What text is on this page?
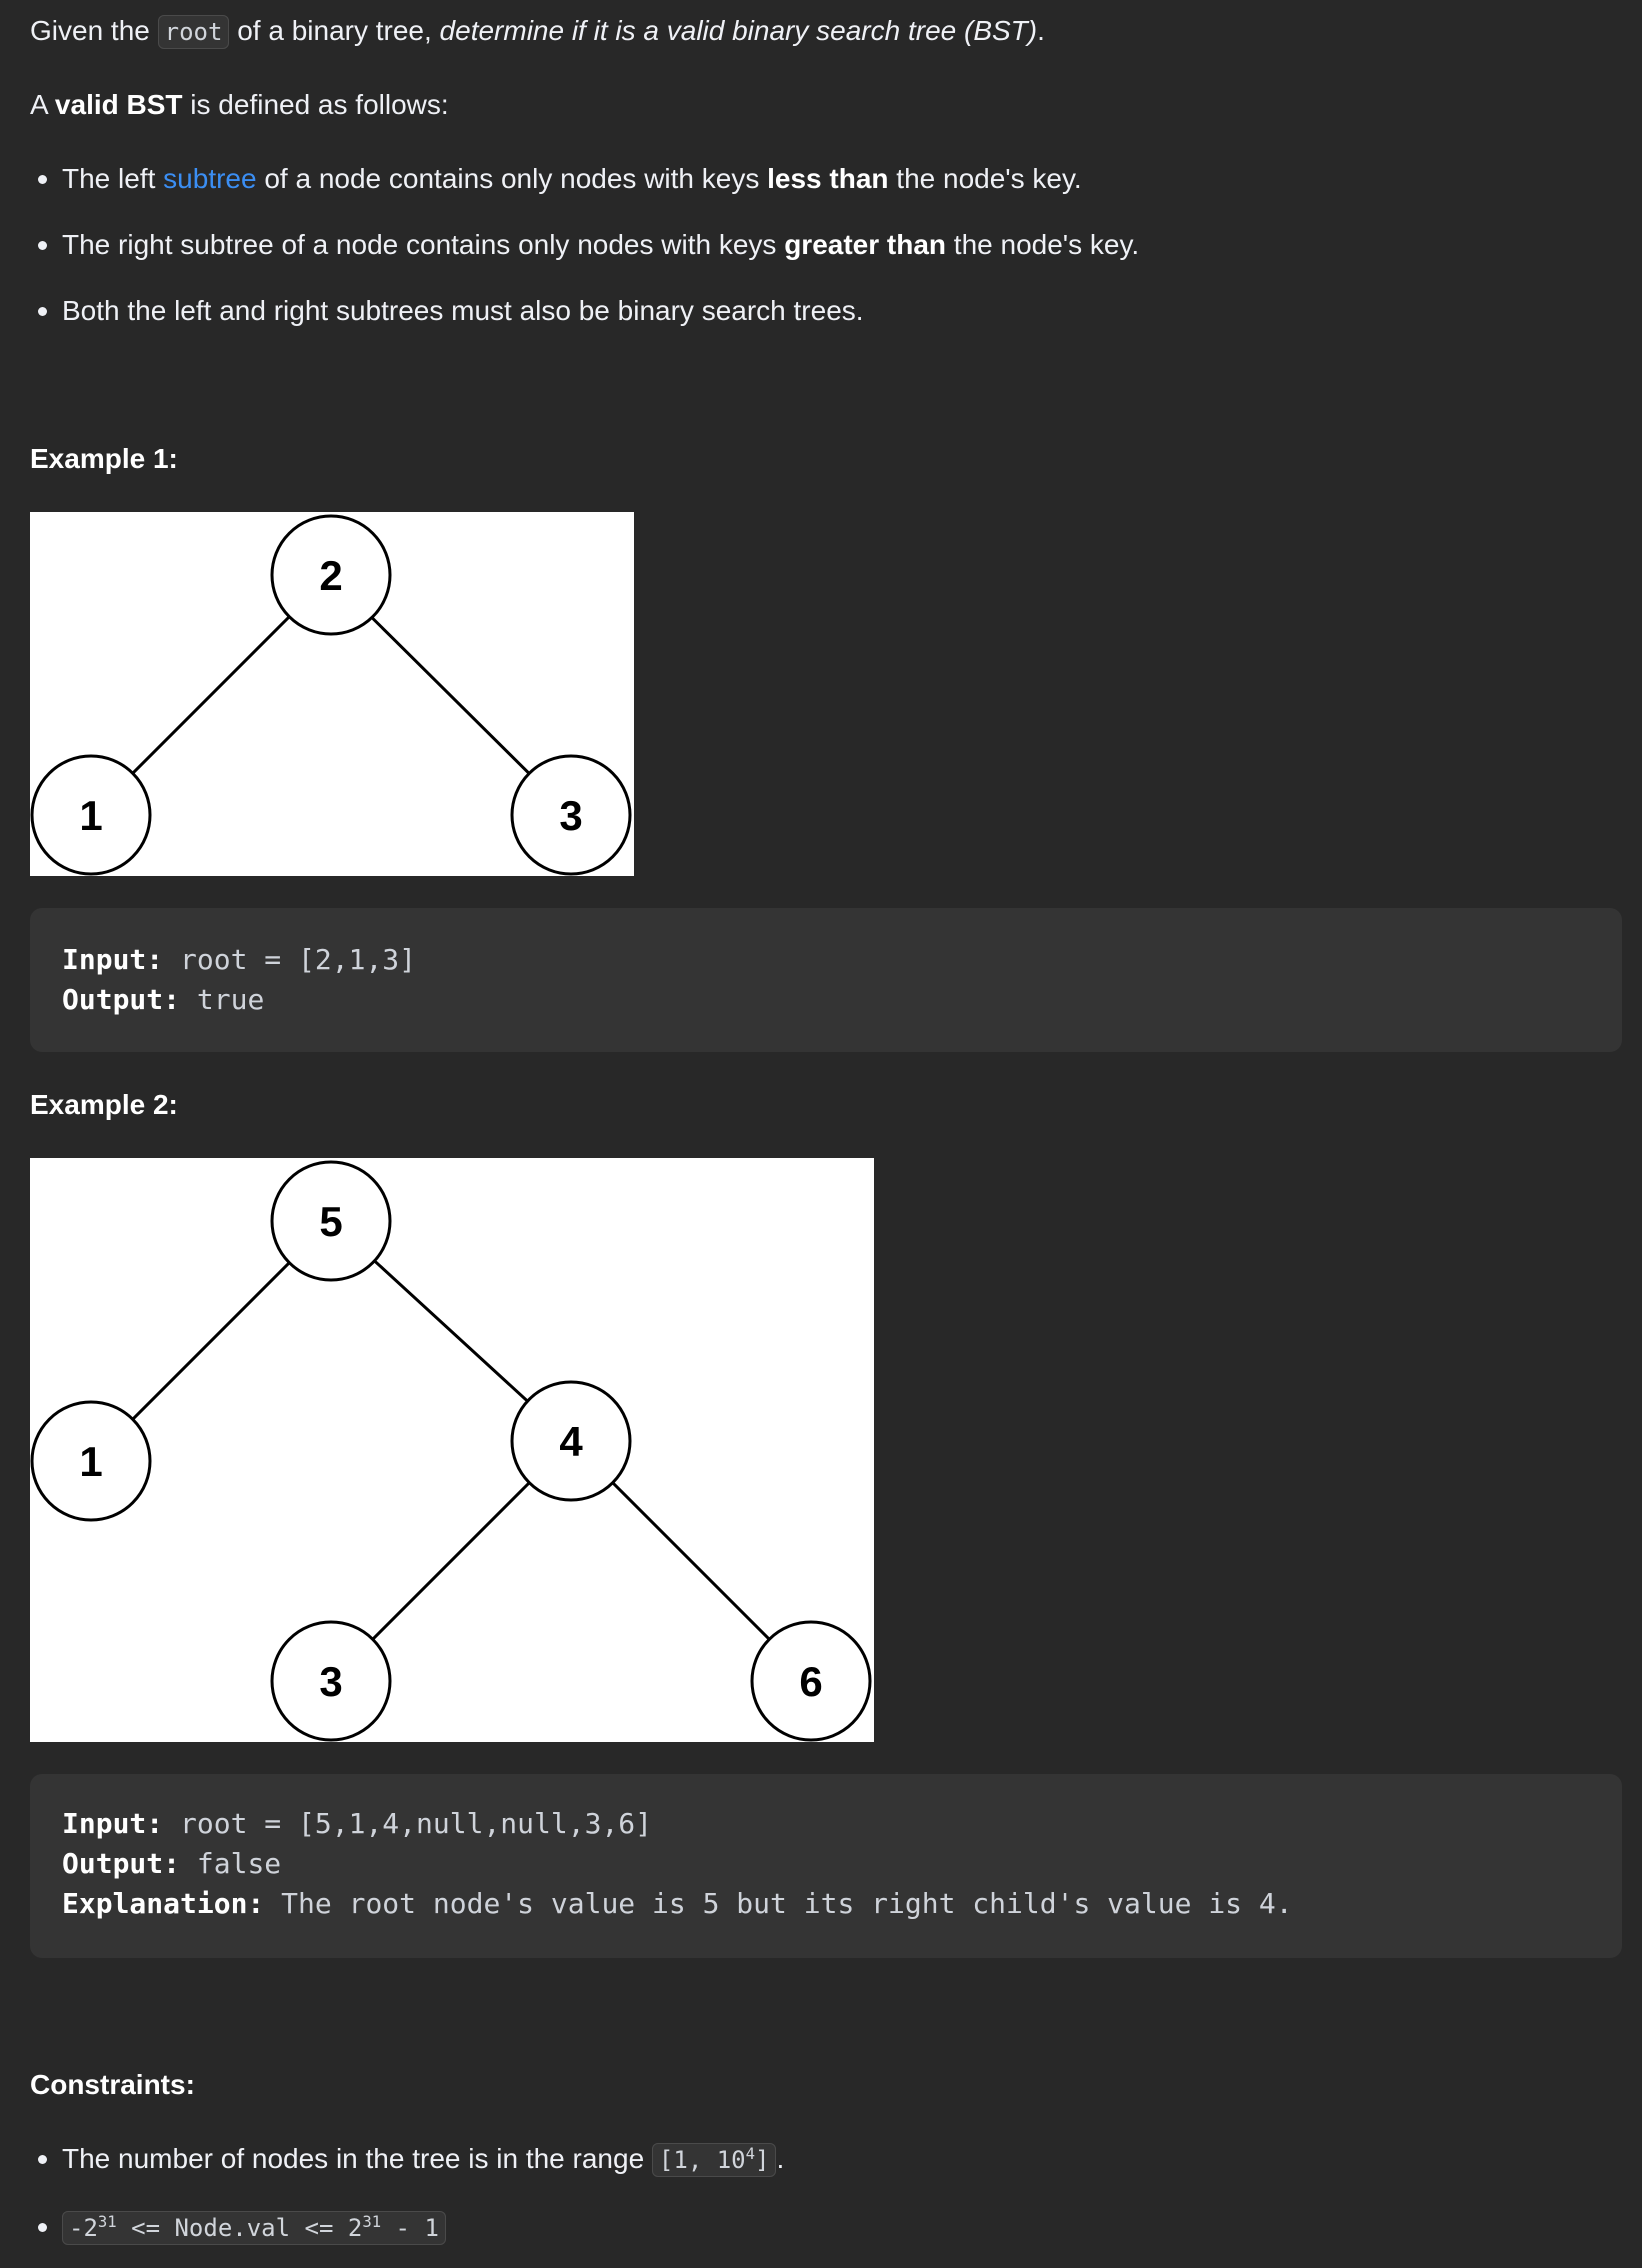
Given the root of a binary tree, determine if it is a valid binary search tree (BST).

A valid BST is defined as follows:

The left subtree of a node contains only nodes with keys less than the node's key.
The right subtree of a node contains only nodes with keys greater than the node's key.
Both the left and right subtrees must also be binary search trees.

Example 1:

2
1	3
Input: root = [2,1,3]
Output: true

Example 2:

5
1	4
3	6
Input: root = [5,1,4,null,null,3,6]
Output: false
Explanation: The root node's value is 5 but its right child's value is 4.

Constraints:

The number of nodes in the tree is in the range [1, $10^4$] .
$-2^{31}$ <= Node.val <= $2^{31} - 1$
